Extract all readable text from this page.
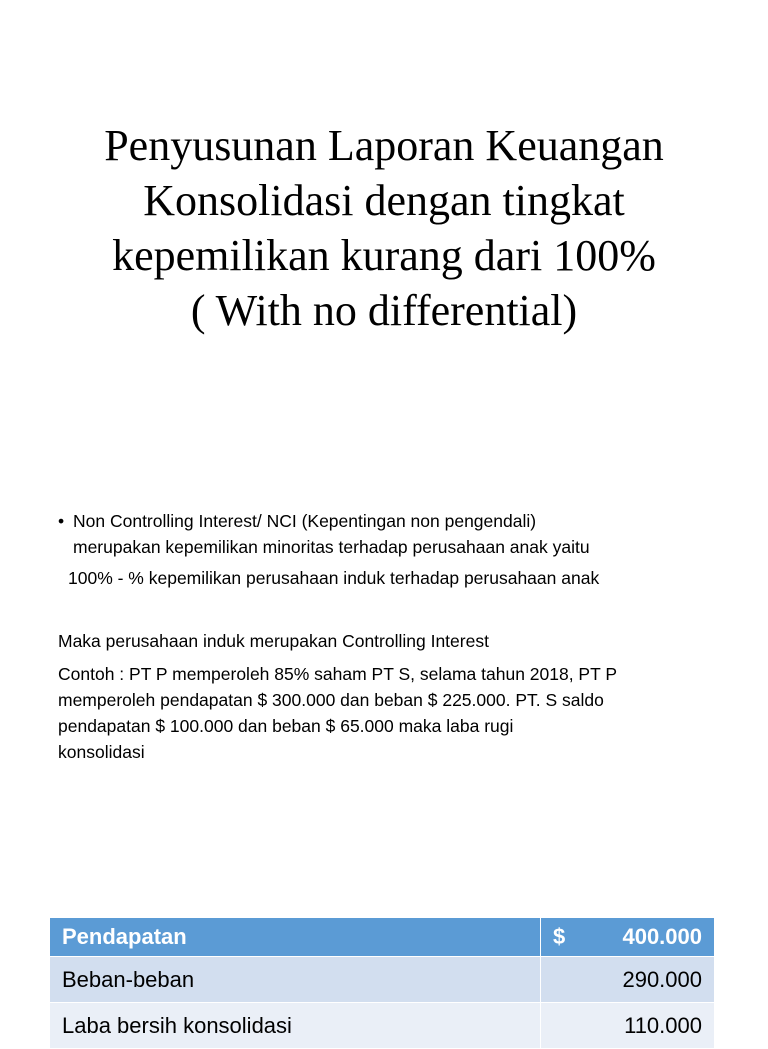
Penyusunan Laporan Keuangan
Konsolidasi dengan tingkat
kepemilikan kurang dari 100%
( With no differential)
• Non Controlling Interest/ NCI (Kepentingan non pengendali)
merupakan kepemilikan minoritas terhadap perusahaan anak yaitu
100% - % kepemilikan perusahaan induk terhadap perusahaan anak
Maka perusahaan induk merupakan Controlling Interest
Contoh : PT P memperoleh 85% saham PT S, selama tahun 2018, PT P
memperoleh pendapatan $ 300.000 dan beban $ 225.000. PT. S saldo
pendapatan $ 100.000 dan beban $ 65.000 maka laba rugi
konsolidasi
Pendapatan	$ 400.000
Beban-beban	290.000
Laba bersih konsolidasi	110.000
